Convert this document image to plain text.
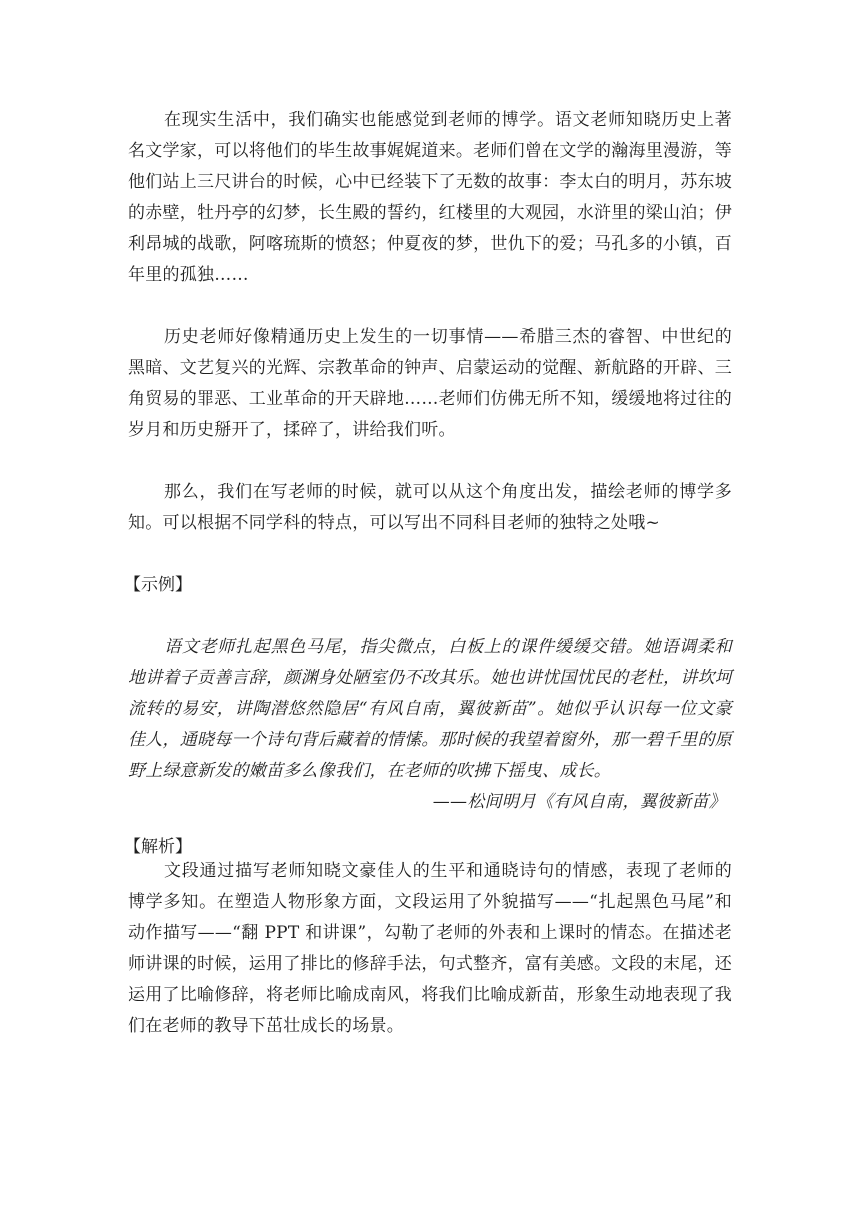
在现实生活中，我们确实也能感觉到老师的博学。语文老师知晓历史上著名文学家，可以将他们的毕生故事娓娓道来。老师们曾在文学的瀚海里漫游，等他们站上三尺讲台的时候，心中已经装下了无数的故事：李太白的明月，苏东坡的赤壁，牡丹亭的幻梦，长生殿的誓约，红楼里的大观园，水浒里的梁山泊；伊利昂城的战歌，阿喀琉斯的愤怒；仲夏夜的梦，世仇下的爱；马孔多的小镇，百年里的孤独……

历史老师好像精通历史上发生的一切事情——希腊三杰的睿智、中世纪的黑暗、文艺复兴的光辉、宗教革命的钟声、启蒙运动的觉醒、新航路的开辟、三角贸易的罪恶、工业革命的开天辟地……老师们仿佛无所不知，缓缓地将过往的岁月和历史掰开了，揉碎了，讲给我们听。

那么，我们在写老师的时候，就可以从这个角度出发，描绘老师的博学多知。可以根据不同学科的特点，可以写出不同科目老师的独特之处哦~

【示例】

语文老师扎起黑色马尾，指尖微点，白板上的课件缓缓交错。她语调柔和地讲着子贡善言辞，颜渊身处陋室仍不改其乐。她也讲忧国忧民的老杜，讲坎坷流转的易安，讲陶潜悠然隐居“有风自南，翼彼新苗”。她似乎认识每一位文豪佳人，通晓每一个诗句背后藏着的情愫。那时候的我望着窗外，那一碧千里的原野上绿意新发的嫩苗多么像我们，在老师的吹拂下摇曳、成长。

——松间明月《有风自南，翼彼新苗》

【解析】

文段通过描写老师知晓文豪佳人的生平和通晓诗句的情感，表现了老师的博学多知。在塑造人物形象方面，文段运用了外貌描写——“扎起黑色马尾”和动作描写——“翻 PPT 和讲课”，勾勒了老师的外表和上课时的情态。在描述老师讲课的时候，运用了排比的修辞手法，句式整齐，富有美感。文段的末尾，还运用了比喻修辞，将老师比喻成南风，将我们比喻成新苗，形象生动地表现了我们在老师的教导下茁壮成长的场景。
